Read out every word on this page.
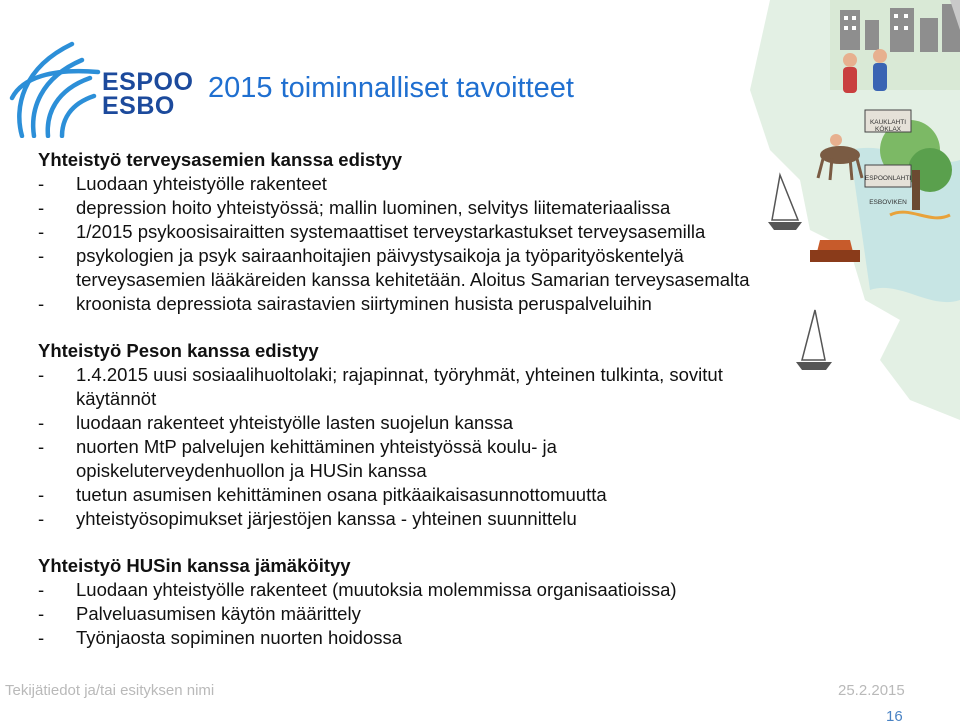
ESPOO
ESBO
2015 toiminnalliset tavoitteet
KAUKLAHTI
KÖKLAX
ESPOONLAHTI
ESBOVIKEN
Yhteistyö terveysasemien kanssa edistyy
-	Luodaan yhteistyölle rakenteet
-	depression hoito yhteistyössä; mallin luominen, selvitys liitemateriaalissa
-	1/2015 psykoosisairaitten systemaattiset terveystarkastukset terveysasemilla
-	psykologien ja psyk sairaanhoitajien päivystysaikoja ja työparityöskentelyä
terveysasemien lääkäreiden kanssa kehitetään. Aloitus Samarian terveysasemalta
-	kroonista depressiota sairastavien siirtyminen husista peruspalveluihin
Yhteistyö Peson kanssa edistyy
-	1.4.2015 uusi sosiaalihuoltolaki; rajapinnat, työryhmät, yhteinen tulkinta, sovitut
käytännöt
-	luodaan rakenteet yhteistyölle lasten suojelun kanssa
-	nuorten MtP palvelujen kehittäminen yhteistyössä koulu- ja
opiskeluterveydenhuollon ja HUSin kanssa
-	tuetun asumisen kehittäminen osana pitkäaikaisasunnottomuutta
-	yhteistyösopimukset järjestöjen kanssa - yhteinen suunnittelu
Yhteistyö HUSin kanssa jämäköityy
-	Luodaan yhteistyölle rakenteet (muutoksia molemmissa organisaatioissa)
-	Palveluasumisen käytön määrittely
-	Työnjaosta sopiminen nuorten hoidossa
Tekijätiedot ja/tai esityksen nimi	25.2.2015
16
